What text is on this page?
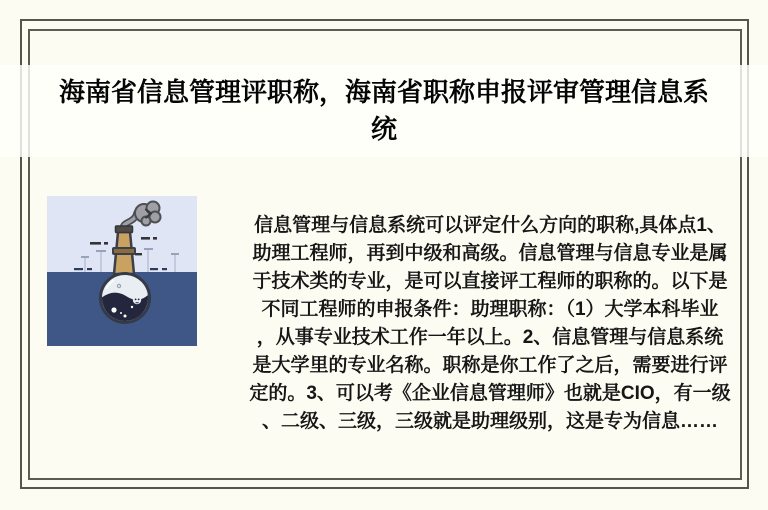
海南省信息管理评职称，海南省职称申报评审管理信息系
统
信息管理与信息系统可以评定什么方向的职称,具体点1、
助理工程师，再到中级和高级。信息管理与信息专业是属
于技术类的专业，是可以直接评工程师的职称的。以下是
不同工程师的申报条件：助理职称：（1）大学本科毕业
，从事专业技术工作一年以上。2、信息管理与信息系统
是大学里的专业名称。职称是你工作了之后，需要进行评
定的。3、可以考《企业信息管理师》也就是CIO，有一级
、二级、三级，三级就是助理级别，这是专为信息……
